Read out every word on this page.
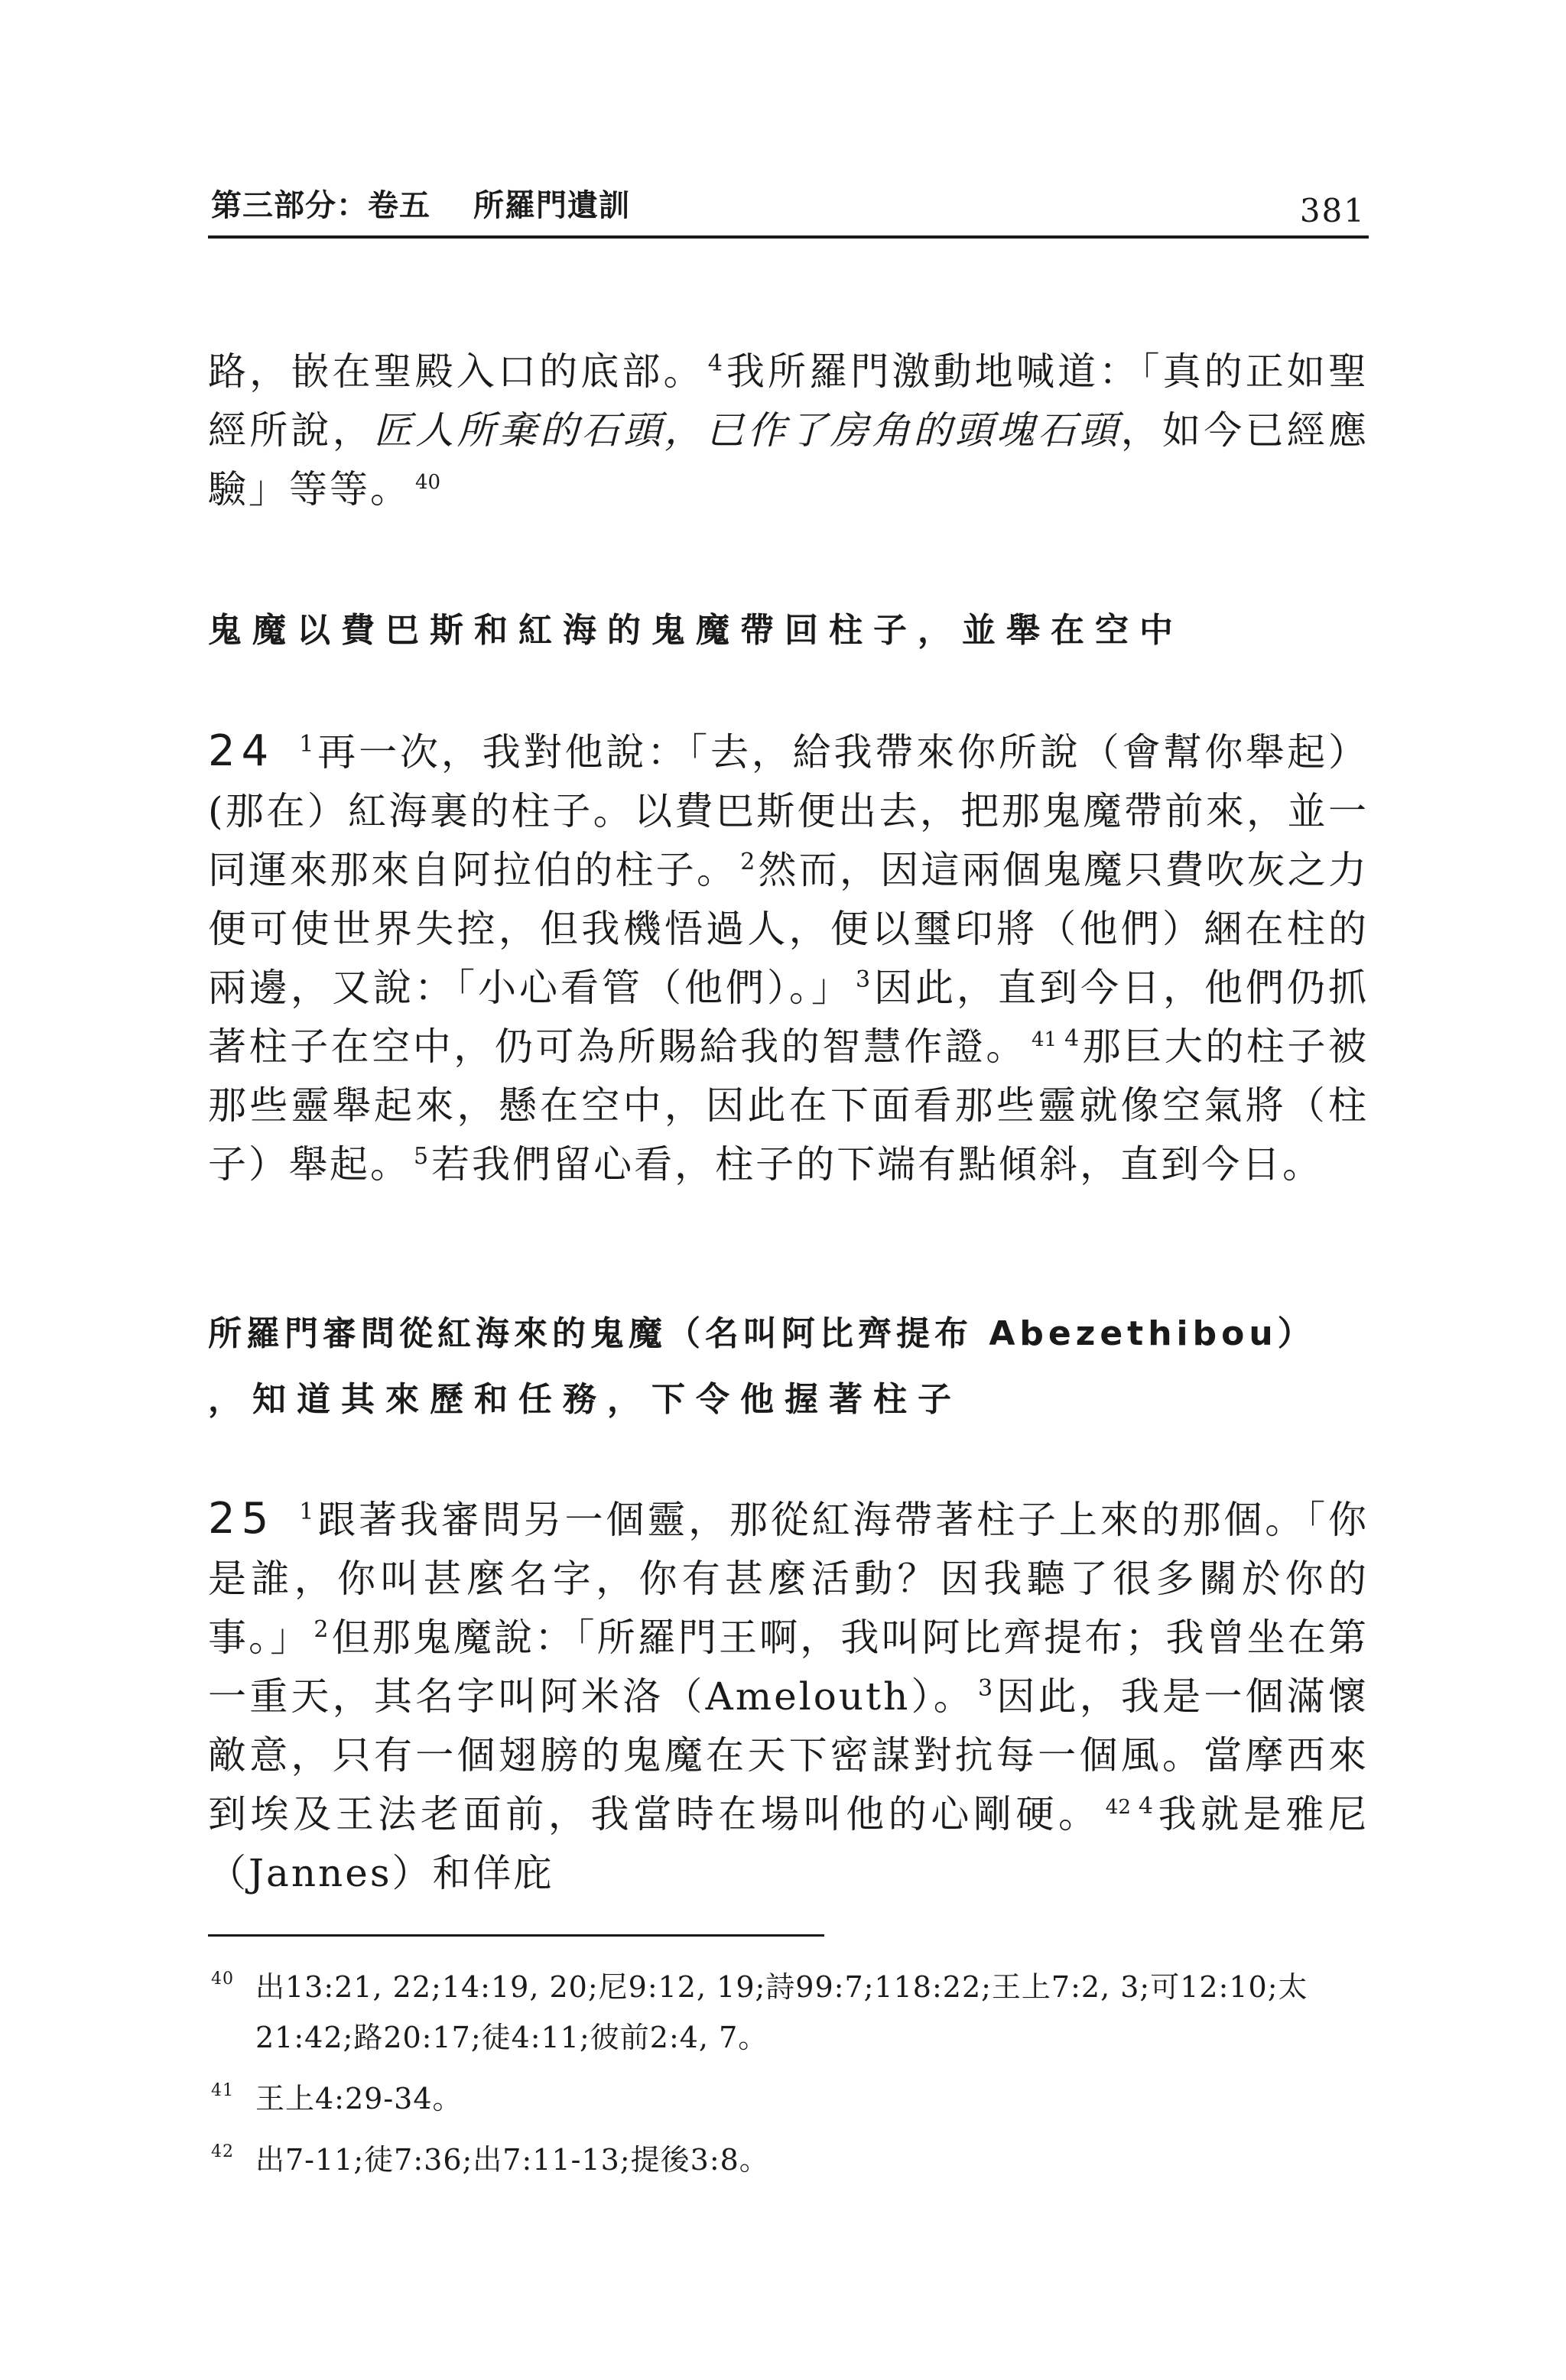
第三部分：卷五 所羅門遺訓	381
路，嵌在聖殿入口的底部。 $^4$我所羅門激動地喊道：「真的正如聖經所說，匠人所棄的石頭，已作了房角的頭塊石頭，如今已經應驗」等等。 $^{40}$
鬼魔以費巴斯和紅海的鬼魔帶回柱子，並舉在空中
24 $^1$再一次，我對他說：「去，給我帶來你所說（會幫你舉起）(那在）紅海裏的柱子。以費巴斯便出去，把那鬼魔帶前來，並一同運來那來自阿拉伯的柱子。 $^2$然而，因這兩個鬼魔只費吹灰之力便可使世界失控，但我機悟過人，便以璽印將（他們）綑在柱的兩邊，又說：「小心看管（他們）。」 $^3$因此，直到今日，他們仍抓著柱子在空中，仍可為所賜給我的智慧作證。 $^{41}$ $^4$那巨大的柱子被那些靈舉起來，懸在空中，因此在下面看那些靈就像空氣將（柱子）舉起。 $^5$若我們留心看，柱子的下端有點傾斜，直到今日。
所羅門審問從紅海來的鬼魔（名叫阿比齊提布 Abezethibou）
，知道其來歷和任務，下令他握著柱子
25 $^1$跟著我審問另一個靈，那從紅海帶著柱子上來的那個。「你是誰，你叫甚麼名字，你有甚麼活動？因我聽了很多關於你的事。」 $^2$但那鬼魔說：「所羅門王啊，我叫阿比齊提布；我曾坐在第一重天，其名字叫阿米洛（Amelouth）。 $^3$因此，我是一個滿懷敵意，只有一個翅膀的鬼魔在天下密謀對抗每一個風。當摩西來到埃及王法老面前，我當時在場叫他的心剛硬。 $^{42}$ $^4$我就是雅尼（Jannes）和佯庇
40 出13:21, 22;14:19, 20;尼9:12, 19;詩99:7;118:22;王上7:2, 3;可12:10;太21:42;路20:17;徒4:11;彼前2:4, 7。
41 王上4:29-34。
42 出7-11;徒7:36;出7:11-13;提後3:8。
